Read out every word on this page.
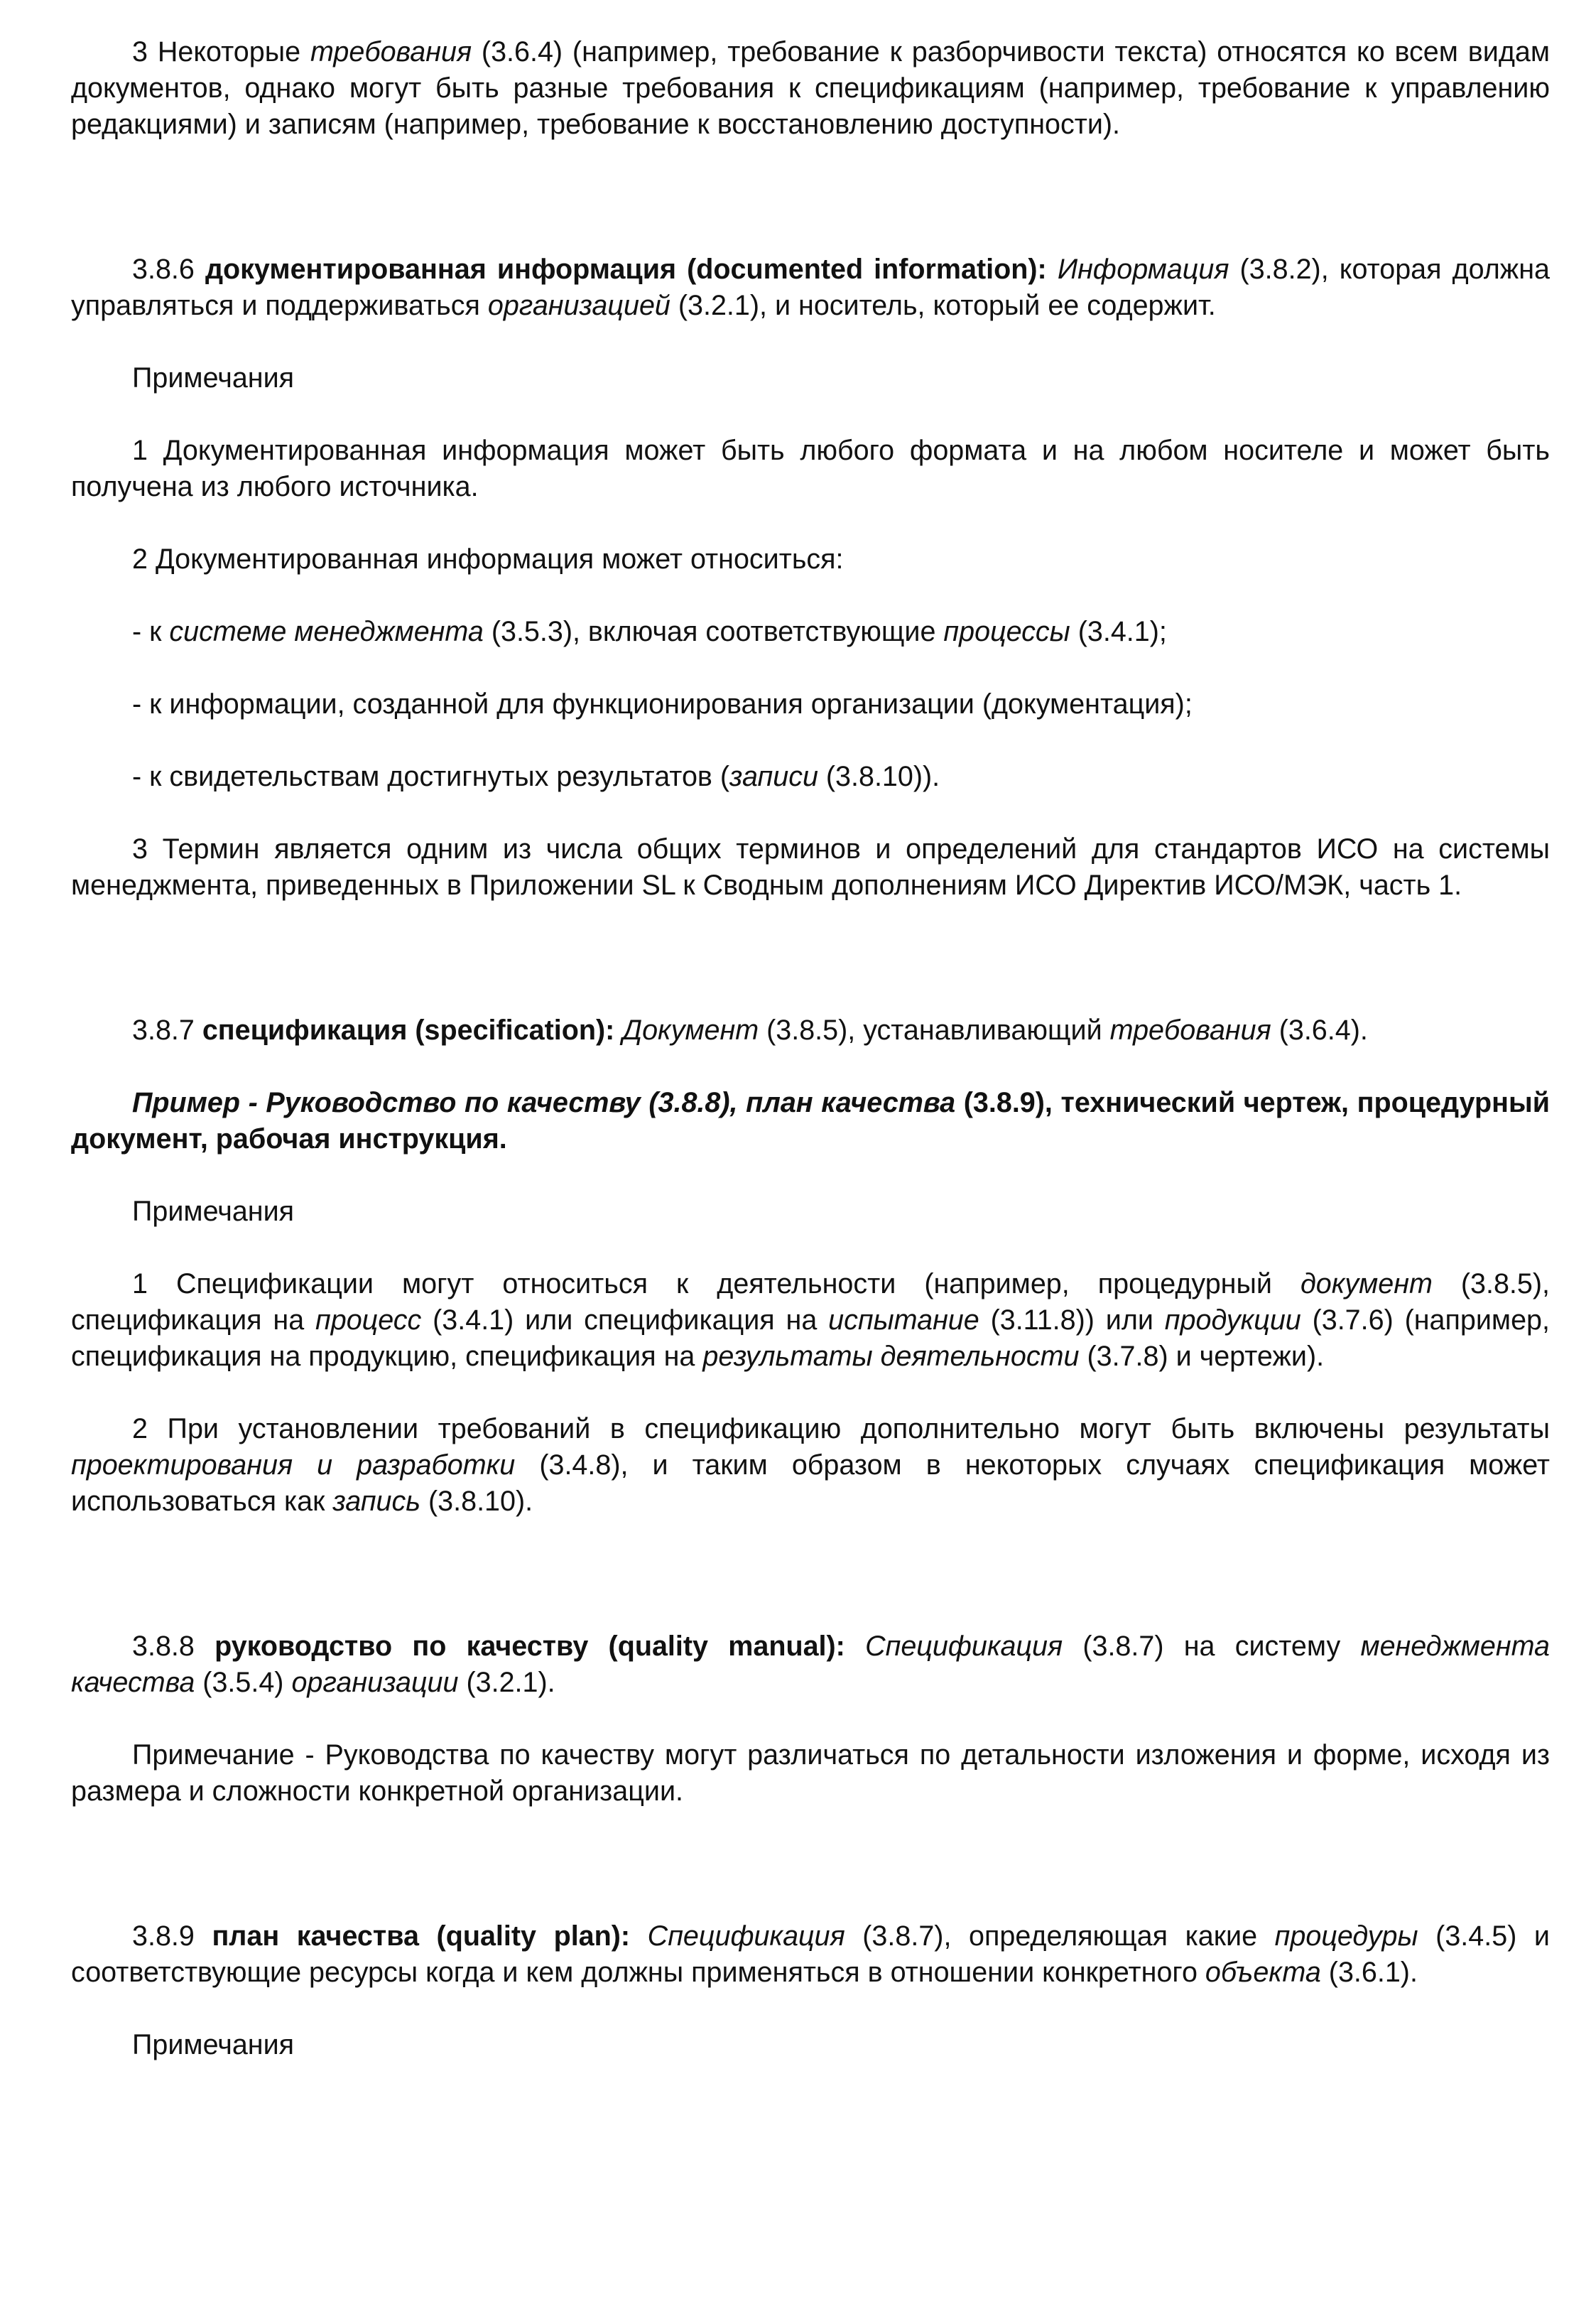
3 Некоторые требования (3.6.4) (например, требование к разборчивости текста) относятся ко всем видам документов, однако могут быть разные требования к спецификациям (например, требование к управлению редакциями) и записям (например, требование к восстановлению доступности).

3.8.6 документированная информация (documented information): Информация (3.8.2), которая должна управляться и поддерживаться организацией (3.2.1), и носитель, который ее содержит.

Примечания

1 Документированная информация может быть любого формата и на любом носителе и может быть получена из любого источника.

2 Документированная информация может относиться:

- к системе менеджмента (3.5.3), включая соответствующие процессы (3.4.1);

- к информации, созданной для функционирования организации (документация);

- к свидетельствам достигнутых результатов (записи (3.8.10)).

3 Термин является одним из числа общих терминов и определений для стандартов ИСО на системы менеджмента, приведенных в Приложении SL к Сводным дополнениям ИСО Директив ИСО/МЭК, часть 1.

3.8.7 спецификация (specification): Документ (3.8.5), устанавливающий требования (3.6.4).

Пример - Руководство по качеству (3.8.8), план качества (3.8.9), технический чертеж, процедурный документ, рабочая инструкция.

Примечания

1 Спецификации могут относиться к деятельности (например, процедурный документ (3.8.5), спецификация на процесс (3.4.1) или спецификация на испытание (3.11.8)) или продукции (3.7.6) (например, спецификация на продукцию, спецификация на результаты деятельности (3.7.8) и чертежи).

2 При установлении требований в спецификацию дополнительно могут быть включены результаты проектирования и разработки (3.4.8), и таким образом в некоторых случаях спецификация может использоваться как запись (3.8.10).

3.8.8 руководство по качеству (quality manual): Спецификация (3.8.7) на систему менеджмента качества (3.5.4) организации (3.2.1).

Примечание - Руководства по качеству могут различаться по детальности изложения и форме, исходя из размера и сложности конкретной организации.

3.8.9 план качества (quality plan): Спецификация (3.8.7), определяющая какие процедуры (3.4.5) и соответствующие ресурсы когда и кем должны применяться в отношении конкретного объекта (3.6.1).

Примечания
